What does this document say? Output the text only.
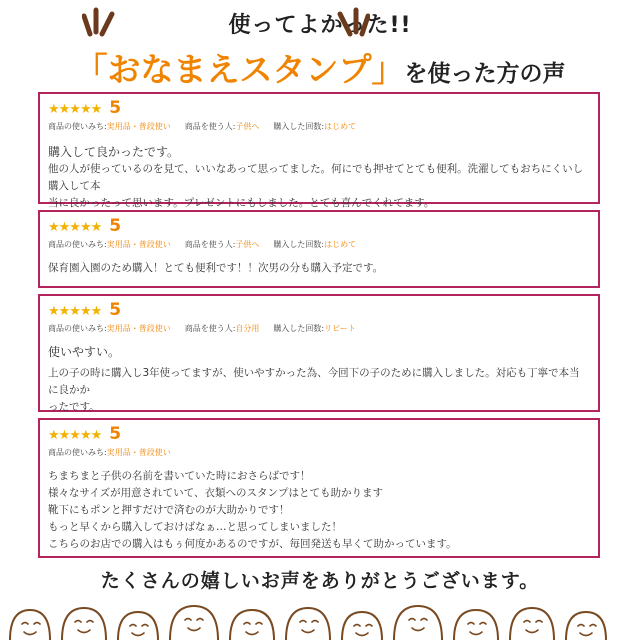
使ってよかった!!
「おなまえスタンプ」を使った方の声
★★★★★ 5
商品の使いみち:実用品・普段使い 商品を使う人:子供へ 購入した回数:はじめて
購入して良かったです。
他の人が使っているのを見て、いいなあって思ってました。何にでも押せてとても便利。洗濯してもおちにくいし購入して本
当に良かったって思います。プレゼントにもしました。とても喜んでくれてます。
★★★★★ 5
商品の使いみち:実用品・普段使い 商品を使う人:子供へ 購入した回数:はじめて
保育園入園のため購入！とても便利です！！次男の分も購入予定です。
★★★★★ 5
商品の使いみち:実用品・普段使い 商品を使う人:自分用 購入した回数:リピート
使いやすい。
上の子の時に購入し3年使ってますが、使いやすかった為、今回下の子のために購入しました。対応も丁寧で本当に良かか
ったです。
★★★★★ 5
商品の使いみち:実用品・普段使い
ちまちまと子供の名前を書いていた時におさらばです！
様々なサイズが用意されていて、衣類へのスタンプはとても助かります
靴下にもポンと押すだけで済むのが大助かりです！
もっと早くから購入しておけばなぁ…と思ってしまいました！
こちらのお店での購入はもぅ何度かあるのですが、毎回発送も早くて助かっています。
たくさんの嬉しいお声をありがとうございます。
